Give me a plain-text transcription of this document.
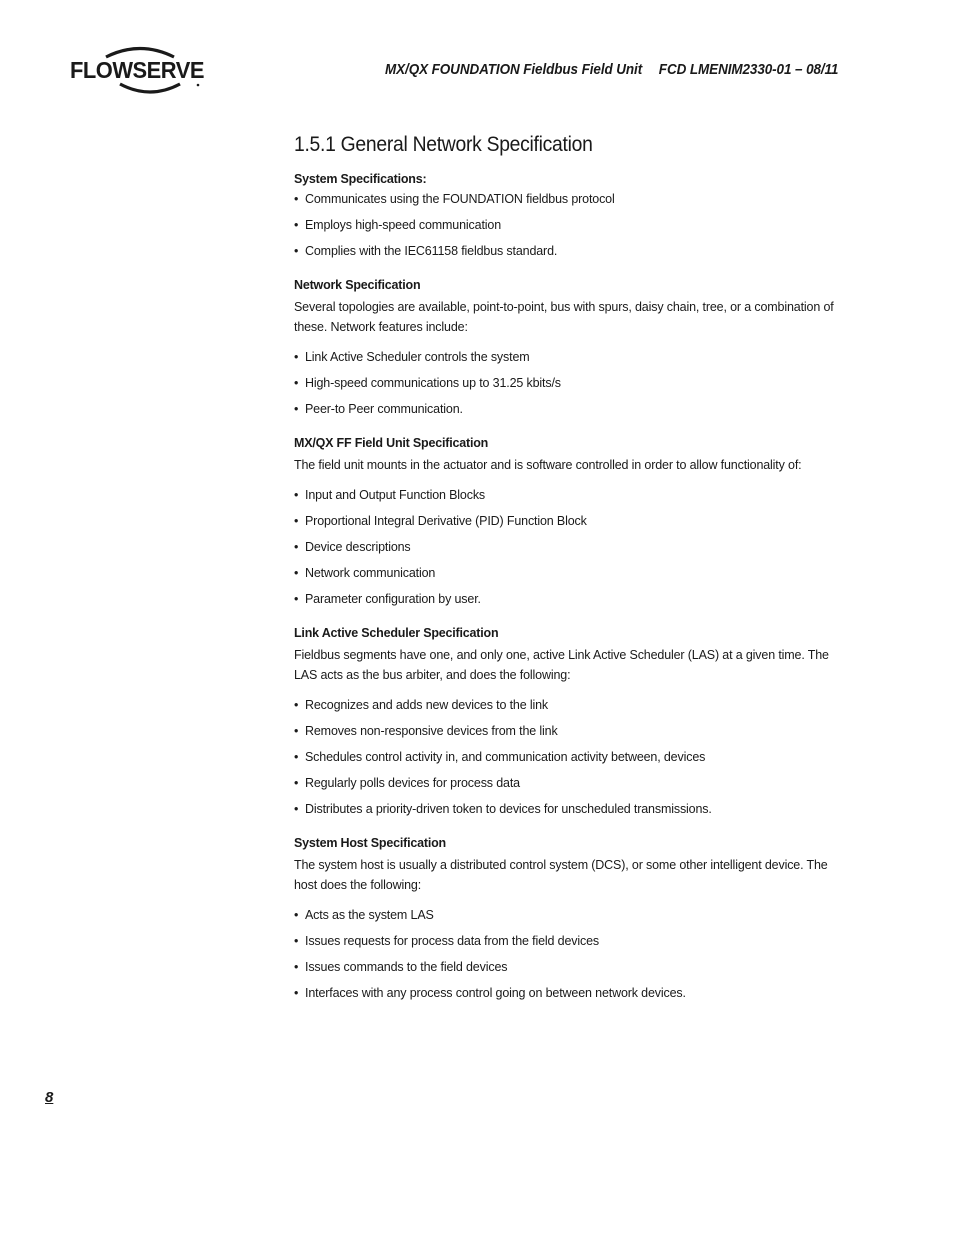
FLOWSERVE	MX/QX FOUNDATION Fieldbus Field Unit FCD LMENIM2330-01 – 08/11
1.5.1 General Network Specification
System Specifications:
• Communicates using the FOUNDATION fieldbus protocol
• Employs high-speed communication
• Complies with the IEC61158 fieldbus standard.
Network Specification

Several topologies are available, point-to-point, bus with spurs, daisy chain, tree, or a combination of these. Network features include:

• Link Active Scheduler controls the system
• High-speed communications up to 31.25 kbits/s
• Peer-to Peer communication.
MX/QX FF Field Unit Specification

The field unit mounts in the actuator and is software controlled in order to allow functionality of:

• Input and Output Function Blocks
• Proportional Integral Derivative (PID) Function Block
• Device descriptions
• Network communication
• Parameter configuration by user.
Link Active Scheduler Specification

Fieldbus segments have one, and only one, active Link Active Scheduler (LAS) at a given time. The LAS acts as the bus arbiter, and does the following:

• Recognizes and adds new devices to the link
• Removes non-responsive devices from the link
• Schedules control activity in, and communication activity between, devices
• Regularly polls devices for process data
• Distributes a priority-driven token to devices for unscheduled transmissions.
System Host Specification

The system host is usually a distributed control system (DCS), or some other intelligent device. The host does the following:

• Acts as the system LAS
• Issues requests for process data from the field devices
• Issues commands to the field devices
• Interfaces with any process control going on between network devices.
8
